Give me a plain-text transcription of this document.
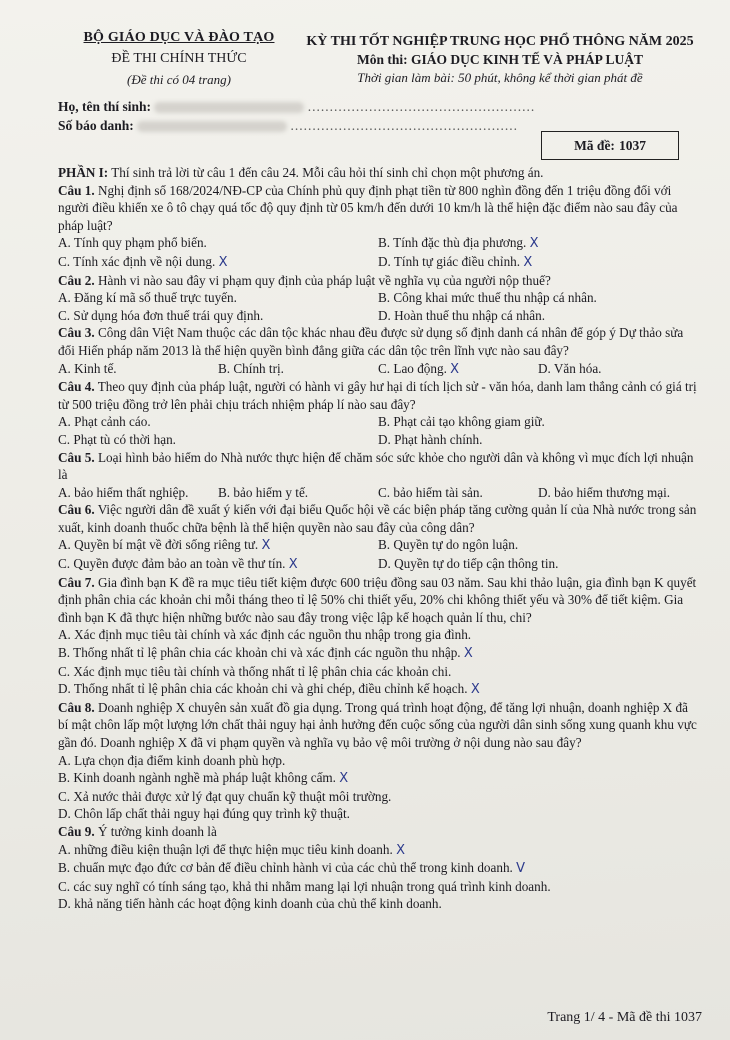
BỘ GIÁO DỤC VÀ ĐÀO TẠO
ĐỀ THI CHÍNH THỨC
(Đề thi có 04 trang)
KỲ THI TỐT NGHIỆP TRUNG HỌC PHỔ THÔNG NĂM 2025
Môn thi: GIÁO DỤC KINH TẾ VÀ PHÁP LUẬT
Thời gian làm bài: 50 phút, không kể thời gian phát đề
Họ, tên thí sinh:	....................................................
Số báo danh:	....................................................
Mã đề: 1037

PHẦN I: Thí sinh trả lời từ câu 1 đến câu 24. Mỗi câu hỏi thí sinh chỉ chọn một phương án.

Câu 1. Nghị định số 168/2024/NĐ-CP của Chính phủ quy định phạt tiền từ 800 nghìn đồng đến 1 triệu đồng đối với người điều khiển xe ô tô chạy quá tốc độ quy định từ 05 km/h đến dưới 10 km/h là thể hiện đặc điểm nào sau đây của pháp luật?

A. Tính quy phạm phổ biến.	B. Tính đặc thù địa phương. X
C. Tính xác định về nội dung. X	D. Tính tự giác điều chỉnh. X

Câu 2. Hành vi nào sau đây vi phạm quy định của pháp luật về nghĩa vụ của người nộp thuế?

A. Đăng kí mã số thuế trực tuyến.	B. Công khai mức thuế thu nhập cá nhân.
C. Sử dụng hóa đơn thuế trái quy định.	D. Hoàn thuế thu nhập cá nhân.

Câu 3. Công dân Việt Nam thuộc các dân tộc khác nhau đều được sử dụng số định danh cá nhân để góp ý Dự thảo sửa đổi Hiến pháp năm 2013 là thể hiện quyền bình đẳng giữa các dân tộc trên lĩnh vực nào sau đây?

A. Kinh tế.	B. Chính trị.	C. Lao động. X	D. Văn hóa.

Câu 4. Theo quy định của pháp luật, người có hành vi gây hư hại di tích lịch sử - văn hóa, danh lam thắng cảnh có giá trị từ 500 triệu đồng trở lên phải chịu trách nhiệm pháp lí nào sau đây?

A. Phạt cảnh cáo.	B. Phạt cải tạo không giam giữ.
C. Phạt tù có thời hạn.	D. Phạt hành chính.

Câu 5. Loại hình bảo hiểm do Nhà nước thực hiện để chăm sóc sức khỏe cho người dân và không vì mục đích lợi nhuận là

A. bảo hiểm thất nghiệp.	B. bảo hiểm y tế.	C. bảo hiểm tài sản.	D. bảo hiểm thương mại.

Câu 6. Việc người dân đề xuất ý kiến với đại biểu Quốc hội về các biện pháp tăng cường quản lí của Nhà nước trong sản xuất, kinh doanh thuốc chữa bệnh là thể hiện quyền nào sau đây của công dân?

A. Quyền bí mật về đời sống riêng tư. X	B. Quyền tự do ngôn luận.
C. Quyền được đảm bảo an toàn về thư tín. X	D. Quyền tự do tiếp cận thông tin.

Câu 7. Gia đình bạn K đề ra mục tiêu tiết kiệm được 600 triệu đồng sau 03 năm. Sau khi thảo luận, gia đình bạn K quyết định phân chia các khoản chi mỗi tháng theo tỉ lệ 50% chi thiết yếu, 20% chi không thiết yếu và 30% để tiết kiệm. Gia đình bạn K đã thực hiện những bước nào sau đây trong việc lập kế hoạch quản lí thu, chi?

A. Xác định mục tiêu tài chính và xác định các nguồn thu nhập trong gia đình.

B. Thống nhất tỉ lệ phân chia các khoản chi và xác định các nguồn thu nhập. X

C. Xác định mục tiêu tài chính và thống nhất tỉ lệ phân chia các khoản chi.

D. Thống nhất tỉ lệ phân chia các khoản chi và ghi chép, điều chỉnh kế hoạch. X

Câu 8. Doanh nghiệp X chuyên sản xuất đồ gia dụng. Trong quá trình hoạt động, để tăng lợi nhuận, doanh nghiệp X đã bí mật chôn lấp một lượng lớn chất thải nguy hại ảnh hưởng đến cuộc sống của người dân sinh sống xung quanh khu vực gần đó. Doanh nghiệp X đã vi phạm quyền và nghĩa vụ bảo vệ môi trường ở nội dung nào sau đây?

A. Lựa chọn địa điểm kinh doanh phù hợp.

B. Kinh doanh ngành nghề mà pháp luật không cấm. X

C. Xả nước thải được xử lý đạt quy chuẩn kỹ thuật môi trường.

D. Chôn lấp chất thải nguy hại đúng quy trình kỹ thuật.

Câu 9. Ý tưởng kinh doanh là

A. những điều kiện thuận lợi để thực hiện mục tiêu kinh doanh. X

B. chuẩn mực đạo đức cơ bản để điều chỉnh hành vi của các chủ thể trong kinh doanh. V

C. các suy nghĩ có tính sáng tạo, khả thi nhằm mang lại lợi nhuận trong quá trình kinh doanh.

D. khả năng tiến hành các hoạt động kinh doanh của chủ thể kinh doanh.

Trang 1/ 4 - Mã đề thi 1037
